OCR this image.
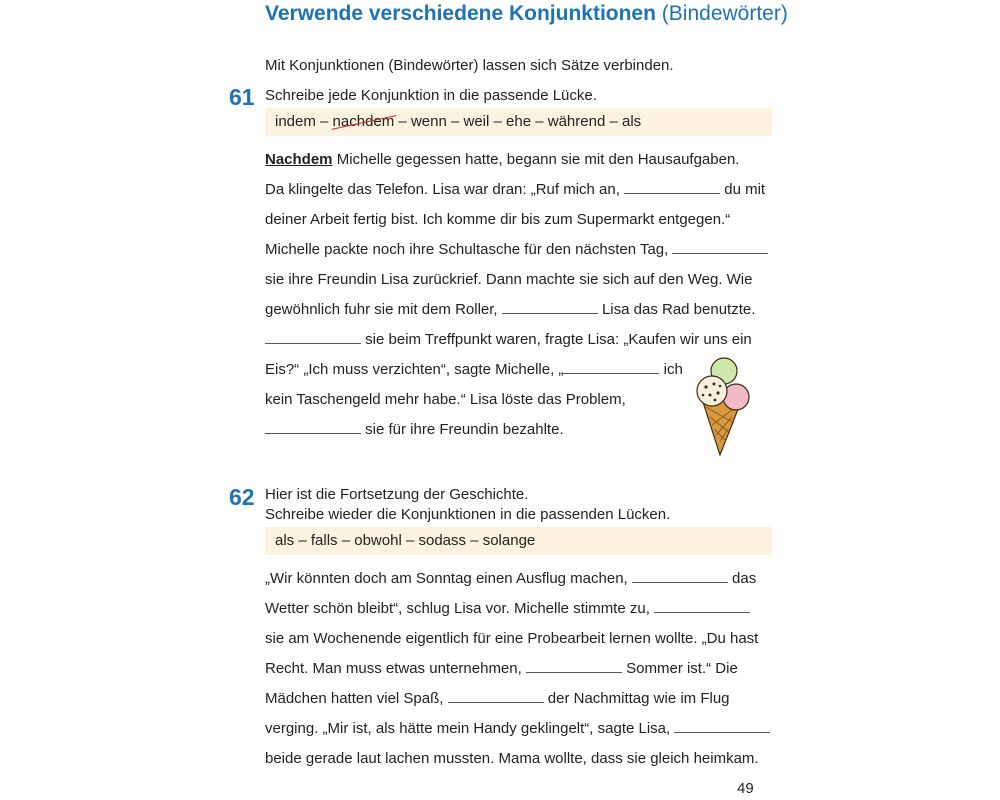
Verwende verschiedene Konjunktionen (Bindewörter)
Mit Konjunktionen (Bindewörter) lassen sich Sätze verbinden.
61 Schreibe jede Konjunktion in die passende Lücke.
indem – nachdem – wenn – weil – ehe – während – als
Nachdem Michelle gegessen hatte, begann sie mit den Hausaufgaben.
Da klingelte das Telefon. Lisa war dran: „Ruf mich an,	du mit
deiner Arbeit fertig bist. Ich komme dir bis zum Supermarkt entgegen.“
Michelle packte noch ihre Schultasche für den nächsten Tag,
sie ihre Freundin Lisa zurückrief. Dann machte sie sich auf den Weg. Wie
gewöhnlich fuhr sie mit dem Roller,	Lisa das Rad benutzte.
sie beim Treffpunkt waren, fragte Lisa: „Kaufen wir uns ein
Eis?“ „Ich muss verzichten“, sagte Michelle, „	ich
kein Taschengeld mehr habe.“ Lisa löste das Problem,
sie für ihre Freundin bezahlte.
62 Hier ist die Fortsetzung der Geschichte.
Schreibe wieder die Konjunktionen in die passenden Lücken.
als – falls – obwohl – sodass – solange
„Wir könnten doch am Sonntag einen Ausflug machen,	das
Wetter schön bleibt“, schlug Lisa vor. Michelle stimmte zu,
sie am Wochenende eigentlich für eine Probearbeit lernen wollte. „Du hast
Recht. Man muss etwas unternehmen,	Sommer ist.“ Die
Mädchen hatten viel Spaß,	der Nachmittag wie im Flug
verging. „Mir ist, als hätte mein Handy geklingelt“, sagte Lisa,
beide gerade laut lachen mussten. Mama wollte, dass sie gleich heimkam.
49
